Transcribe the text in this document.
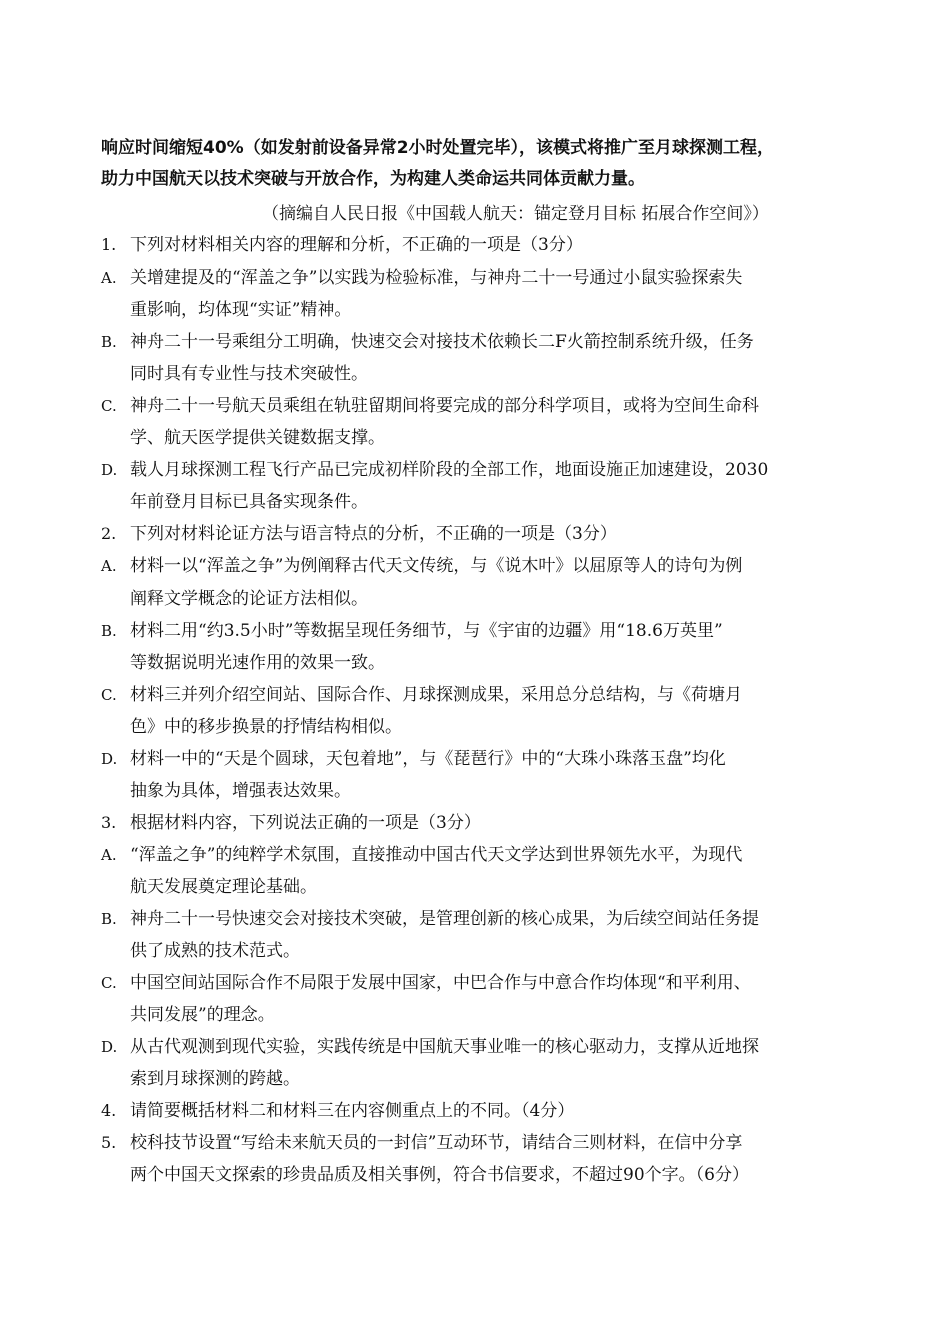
响应时间缩短40%（如发射前设备异常2小时处置完毕），该模式将推广至月球探测工程，
助力中国航天以技术突破与开放合作，为构建人类命运共同体贡献力量。
（摘编自人民日报《中国载人航天：锚定登月目标 拓展合作空间》）
1. 下列对材料相关内容的理解和分析，不正确的一项是（3分）
A. 关增建提及的“浑盖之争”以实践为检验标准，与神舟二十一号通过小鼠实验探索失
重影响，均体现“实证”精神。
B. 神舟二十一号乘组分工明确，快速交会对接技术依赖长二F火箭控制系统升级，任务
同时具有专业性与技术突破性。
C. 神舟二十一号航天员乘组在轨驻留期间将要完成的部分科学项目，或将为空间生命科
学、航天医学提供关键数据支撑。
D. 载人月球探测工程飞行产品已完成初样阶段的全部工作，地面设施正加速建设，2030
年前登月目标已具备实现条件。
2. 下列对材料论证方法与语言特点的分析，不正确的一项是（3分）
A. 材料一以“浑盖之争”为例阐释古代天文传统，与《说木叶》以屈原等人的诗句为例
阐释文学概念的论证方法相似。
B. 材料二用“约3.5小时”等数据呈现任务细节，与《宇宙的边疆》用“18.6万英里”
等数据说明光速作用的效果一致。
C. 材料三并列介绍空间站、国际合作、月球探测成果，采用总分总结构，与《荷塘月
色》中的移步换景的抒情结构相似。
D. 材料一中的“天是个圆球，天包着地”，与《琵琶行》中的“大珠小珠落玉盘”均化
抽象为具体，增强表达效果。
3. 根据材料内容，下列说法正确的一项是（3分）
A. “浑盖之争”的纯粹学术氛围，直接推动中国古代天文学达到世界领先水平，为现代
航天发展奠定理论基础。
B. 神舟二十一号快速交会对接技术突破，是管理创新的核心成果，为后续空间站任务提
供了成熟的技术范式。
C. 中国空间站国际合作不局限于发展中国家，中巴合作与中意合作均体现“和平利用、
共同发展”的理念。
D. 从古代观测到现代实验，实践传统是中国航天事业唯一的核心驱动力，支撑从近地探
索到月球探测的跨越。
4. 请简要概括材料二和材料三在内容侧重点上的不同。（4分）
5. 校科技节设置“写给未来航天员的一封信”互动环节，请结合三则材料，在信中分享
两个中国天文探索的珍贵品质及相关事例，符合书信要求，不超过90个字。（6分）
